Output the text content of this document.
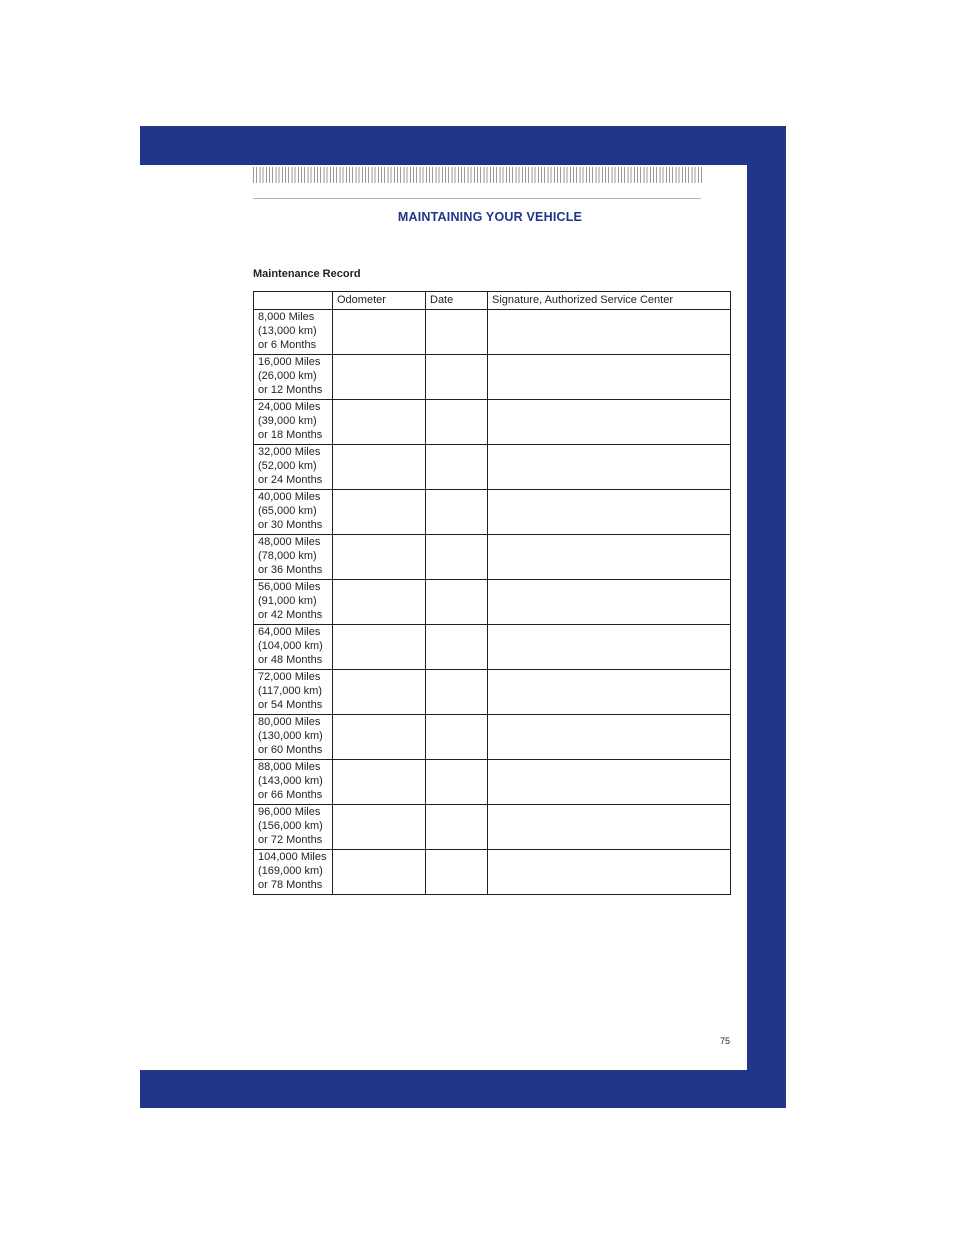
MAINTAINING YOUR VEHICLE
Maintenance Record
	Odometer	Date	Signature, Authorized Service Center

8,000 Miles
(13,000 km)
or 6 Months			

16,000 Miles
(26,000 km)
or 12 Months			

24,000 Miles
(39,000 km)
or 18 Months			

32,000 Miles
(52,000 km)
or 24 Months			

40,000 Miles
(65,000 km)
or 30 Months			

48,000 Miles
(78,000 km)
or 36 Months			

56,000 Miles
(91,000 km)
or 42 Months			

64,000 Miles
(104,000 km)
or 48 Months			

72,000 Miles
(117,000 km)
or 54 Months			

80,000 Miles
(130,000 km)
or 60 Months			

88,000 Miles
(143,000 km)
or 66 Months			

96,000 Miles
(156,000 km)
or 72 Months			

104,000 Miles
(169,000 km)
or 78 Months			

75
